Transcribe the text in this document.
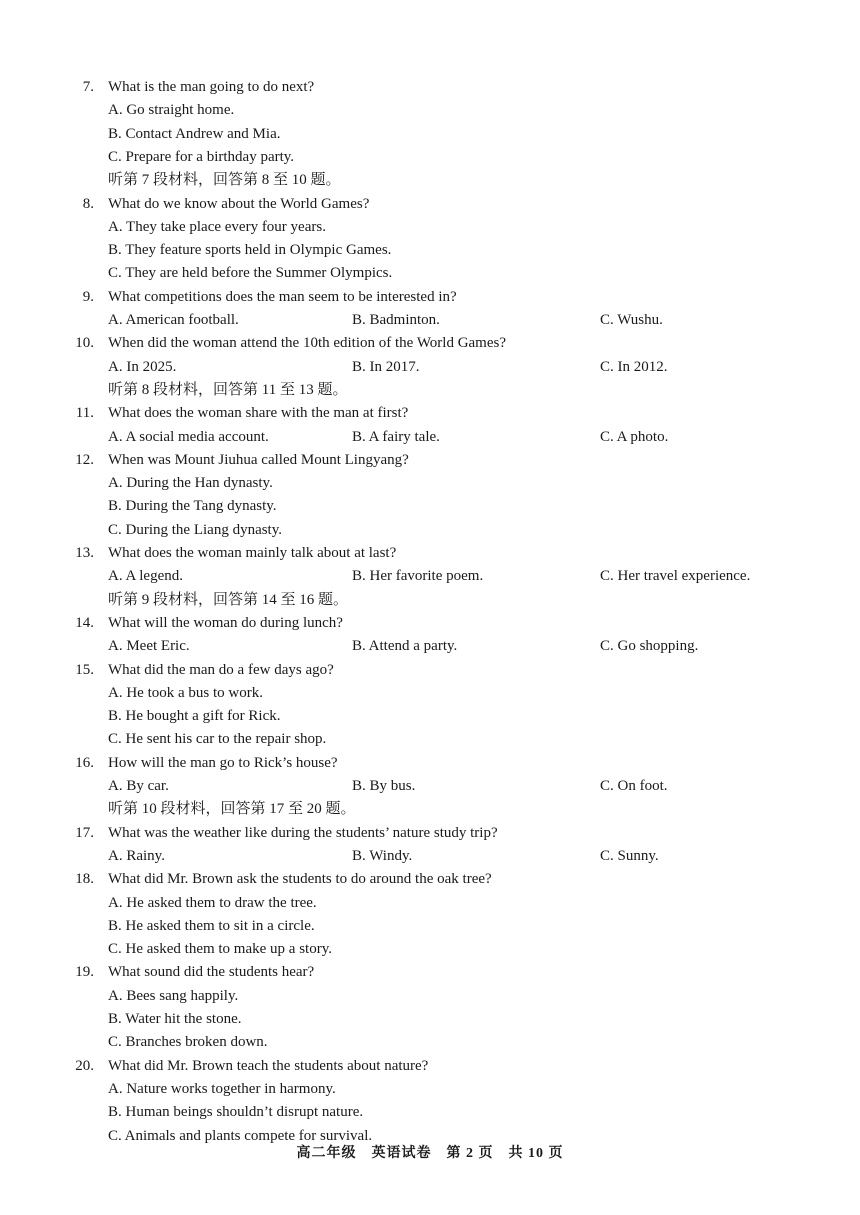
7. What is the man going to do next?
A. Go straight home.
B. Contact Andrew and Mia.
C. Prepare for a birthday party.
听第 7 段材料，回答第 8 至 10 题。
8. What do we know about the World Games?
A. They take place every four years.
B. They feature sports held in Olympic Games.
C. They are held before the Summer Olympics.
9. What competitions does the man seem to be interested in?
A. American football.	B. Badminton.	C. Wushu.
10. When did the woman attend the 10th edition of the World Games?
A. In 2025.	B. In 2017.	C. In 2012.
听第 8 段材料，回答第 11 至 13 题。
11. What does the woman share with the man at first?
A. A social media account.	B. A fairy tale.	C. A photo.
12. When was Mount Jiuhua called Mount Lingyang?
A. During the Han dynasty.
B. During the Tang dynasty.
C. During the Liang dynasty.
13. What does the woman mainly talk about at last?
A. A legend.	B. Her favorite poem.	C. Her travel experience.
听第 9 段材料，回答第 14 至 16 题。
14. What will the woman do during lunch?
A. Meet Eric.	B. Attend a party.	C. Go shopping.
15. What did the man do a few days ago?
A. He took a bus to work.
B. He bought a gift for Rick.
C. He sent his car to the repair shop.
16. How will the man go to Rick’s house?
A. By car.	B. By bus.	C. On foot.
听第 10 段材料，回答第 17 至 20 题。
17. What was the weather like during the students’ nature study trip?
A. Rainy.	B. Windy.	C. Sunny.
18. What did Mr. Brown ask the students to do around the oak tree?
A. He asked them to draw the tree.
B. He asked them to sit in a circle.
C. He asked them to make up a story.
19. What sound did the students hear?
A. Bees sang happily.
B. Water hit the stone.
C. Branches broken down.
20. What did Mr. Brown teach the students about nature?
A. Nature works together in harmony.
B. Human beings shouldn’t disrupt nature.
C. Animals and plants compete for survival.
高二年级　英语试卷　第 2 页　共 10 页
